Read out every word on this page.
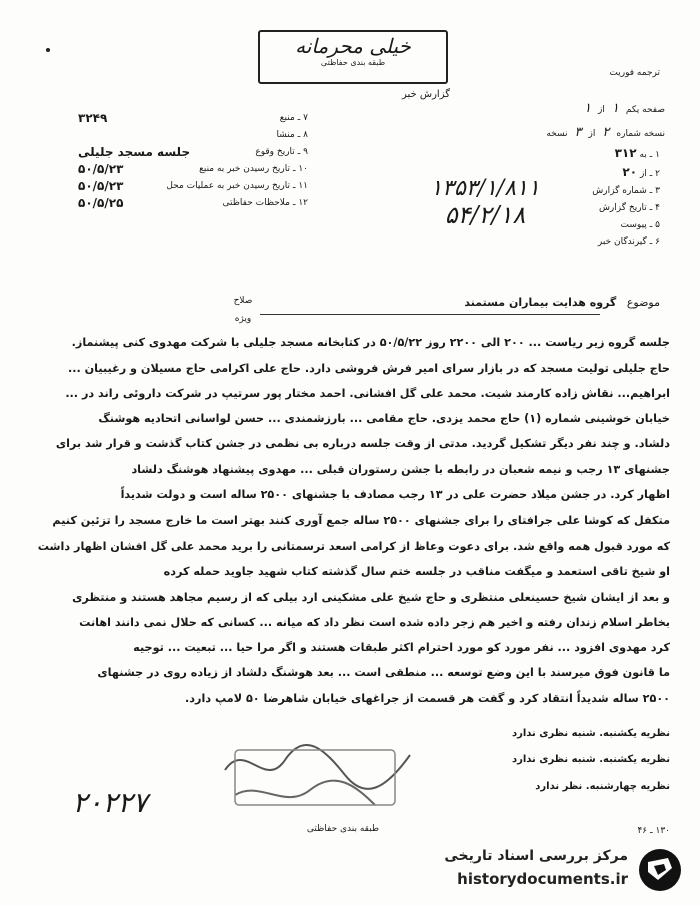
خیلی محرمانه
طبقه بندی حفاظتی
گزارش خبر
ترجمه فوریت
صفحه یکم  ۱  از  ۱
نسخه شماره  ۲  از  ۳  نسخه
۱ ـ به ۳۱۲
۲ ـ از ۲۰
۳ ـ شماره گزارش
۴ ـ تاریخ گزارش
۵ ـ پیوست
۶ ـ گیرندگان خبر
۱۳۵۳/۱/۸۱۱
۵۴/۲/۱۸
۷ ـ منبع
۳۲۴۹
۸ ـ منشا
۹ ـ تاریخ وقوع
جلسه مسجد جلیلی
۱۰ ـ تاریخ رسیدن خبر به منبع
۵۰/۵/۲۳
۱۱ ـ تاریخ رسیدن خبر به عملیات محل
۵۰/۵/۲۳
۱۲ ـ ملاحظات حفاظتی
۵۰/۵/۲۵
صلاح
ویژه
موضوع   گروه هدایت بیماران مستمند
جلسه گروه زیر ریاست ... ۲۰۰ الی ۲۲۰۰ روز ۵۰/۵/۲۲ در کتابخانه مسجد جلیلی با شرکت مهدوی کنی پیشنماز.
حاج جلیلی تولیت مسجد که در بازار سرای امیر فرش فروشی دارد. حاج علی اکرامی حاج مسیلان و رغیبیان ...
ابراهیم... نقاش زاده کارمند شیت. محمد علی گل افشانی. احمد مختار پور سرتیپ در شرکت داروئی راند در ...
خیابان خوشینی شماره (۱) حاج محمد یزدی. حاج مقامی ... بارزشمندی ... حسن لواسانی اتحادیه هوشنگ
دلشاد. و چند نفر دیگر تشکیل گردید. مدتی از وقت جلسه درباره بی نظمی در جشن کتاب گذشت و قرار شد برای
جشنهای ۱۳ رجب و نیمه شعبان در رابطه با جشن رستوران قبلی ... مهدوی پیشنهاد هوشنگ دلشاد
اظهار کرد. در جشن میلاد حضرت علی در ۱۳ رجب مصادف با جشنهای ۲۵۰۰ ساله است و دولت شدیداً
متکفل که کوشا علی جرافتای را برای جشنهای ۲۵۰۰ ساله جمع آوری کنند بهتر است ما خارج مسجد را تزئین کنیم
که مورد قبول همه واقع شد. برای دعوت وعاظ از کرامی اسعد ترسمتانی را برید محمد علی گل افشان اظهار داشت
او شیخ تاقی استعمد و میگفت مناقب در جلسه ختم سال گذشته کتاب شهید جاوید حمله کرده
و بعد از ایشان شیخ حسینعلی منتظری و حاج شیخ علی مشکینی ارد بیلی که از رسیم مجاهد هستند و منتظری
بخاطر اسلام زندان رفته و اخیر هم زجر داده شده است نظر داد که میانه ... کسانی که حلال نمی دانند اهانت
کرد مهدوی افزود ... نفر مورد کو مورد احترام اکثر طبقات هستند و اگر مرا حیا ... تبعیت ... توجیه
ما قانون فوق میرسند با این وضع توسعه ... منطقی است ... بعد هوشنگ دلشاد از زیاده روی در جشنهای
۲۵۰۰ ساله شدیداً انتقاد کرد و گفت هر قسمت از جراغهای خیابان شاهرضا ۵۰ لامپ دارد.
نظریه یکشنبه. شنبه نظری ندارد
نظریه یکشنبه. شنبه نظری ندارد
نظریه چهارشنبه. نظر ندارد
۲۰۲۲۷
طبقه بندی حفاظتی	۱۳۰ ـ ۴۶
مرکز بررسی اسناد تاریخی
historydocuments.ir
